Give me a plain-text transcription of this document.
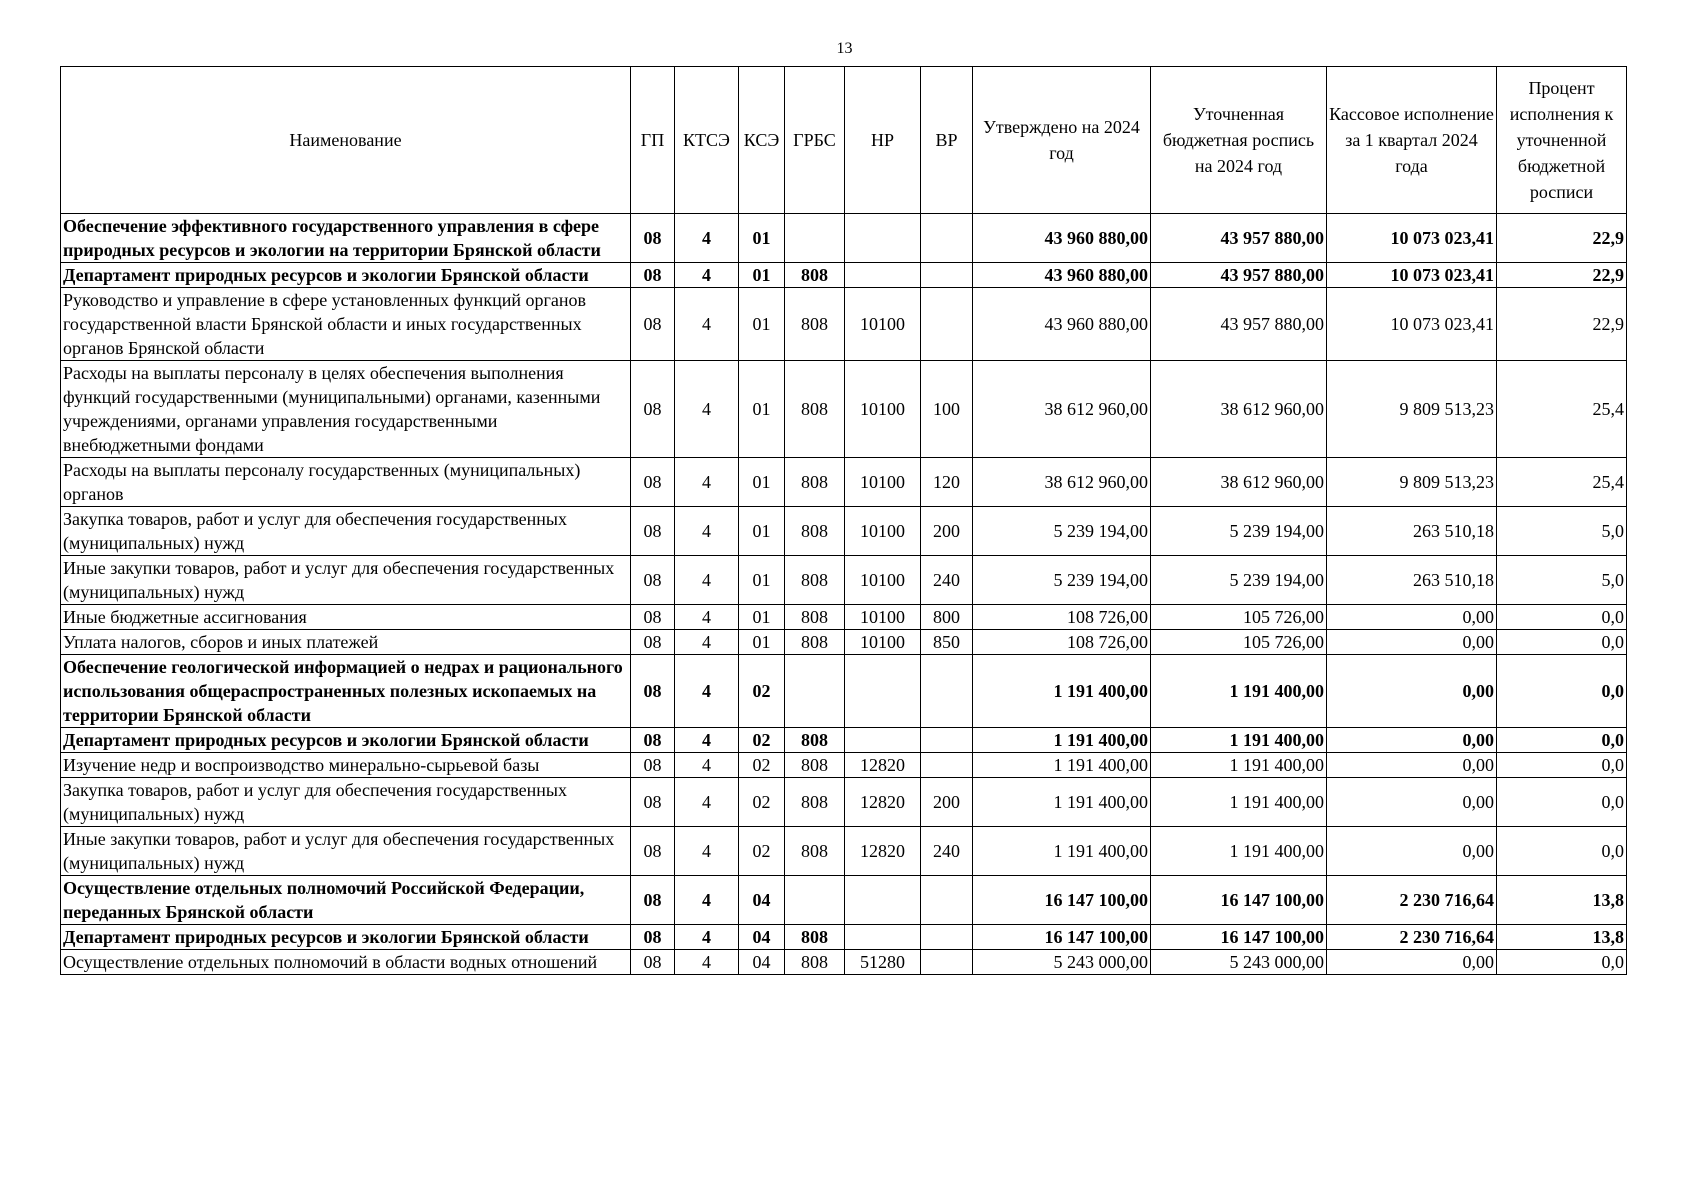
13
Наименование	ГП	КТСЭ	КСЭ	ГРБС	НР	ВР	Утверждено на 2024 год	Уточненная бюджетная роспись на 2024 год	Кассовое исполнение за 1 квартал 2024 года	Процент исполнения к уточненной бюджетной росписи
Обеспечение эффективного государственного управления в сфере природных ресурсов и экологии на территории Брянской области	08	4	01				43 960 880,00	43 957 880,00	10 073 023,41	22,9
Департамент природных ресурсов и экологии Брянской области	08	4	01	808			43 960 880,00	43 957 880,00	10 073 023,41	22,9
Руководство и управление в сфере установленных функций органов государственной власти Брянской области и иных государственных органов Брянской области	08	4	01	808	10100		43 960 880,00	43 957 880,00	10 073 023,41	22,9
Расходы на выплаты персоналу в целях обеспечения выполнения функций государственными (муниципальными) органами, казенными учреждениями, органами управления государственными внебюджетными фондами	08	4	01	808	10100	100	38 612 960,00	38 612 960,00	9 809 513,23	25,4
Расходы на выплаты персоналу государственных (муниципальных) органов	08	4	01	808	10100	120	38 612 960,00	38 612 960,00	9 809 513,23	25,4
Закупка товаров, работ и услуг для обеспечения государственных (муниципальных) нужд	08	4	01	808	10100	200	5 239 194,00	5 239 194,00	263 510,18	5,0
Иные закупки товаров, работ и услуг для обеспечения государственных (муниципальных) нужд	08	4	01	808	10100	240	5 239 194,00	5 239 194,00	263 510,18	5,0
Иные бюджетные ассигнования	08	4	01	808	10100	800	108 726,00	105 726,00	0,00	0,0
Уплата налогов, сборов и иных платежей	08	4	01	808	10100	850	108 726,00	105 726,00	0,00	0,0
Обеспечение геологической информацией о недрах и рационального использования общераспространенных полезных ископаемых на территории Брянской области	08	4	02				1 191 400,00	1 191 400,00	0,00	0,0
Департамент природных ресурсов и экологии Брянской области	08	4	02	808			1 191 400,00	1 191 400,00	0,00	0,0
Изучение недр и воспроизводство минерально-сырьевой базы	08	4	02	808	12820		1 191 400,00	1 191 400,00	0,00	0,0
Закупка товаров, работ и услуг для обеспечения государственных (муниципальных) нужд	08	4	02	808	12820	200	1 191 400,00	1 191 400,00	0,00	0,0
Иные закупки товаров, работ и услуг для обеспечения государственных (муниципальных) нужд	08	4	02	808	12820	240	1 191 400,00	1 191 400,00	0,00	0,0
Осуществление отдельных полномочий Российской Федерации, переданных Брянской области	08	4	04				16 147 100,00	16 147 100,00	2 230 716,64	13,8
Департамент природных ресурсов и экологии Брянской области	08	4	04	808			16 147 100,00	16 147 100,00	2 230 716,64	13,8
Осуществление отдельных полномочий в области водных отношений	08	4	04	808	51280		5 243 000,00	5 243 000,00	0,00	0,0
